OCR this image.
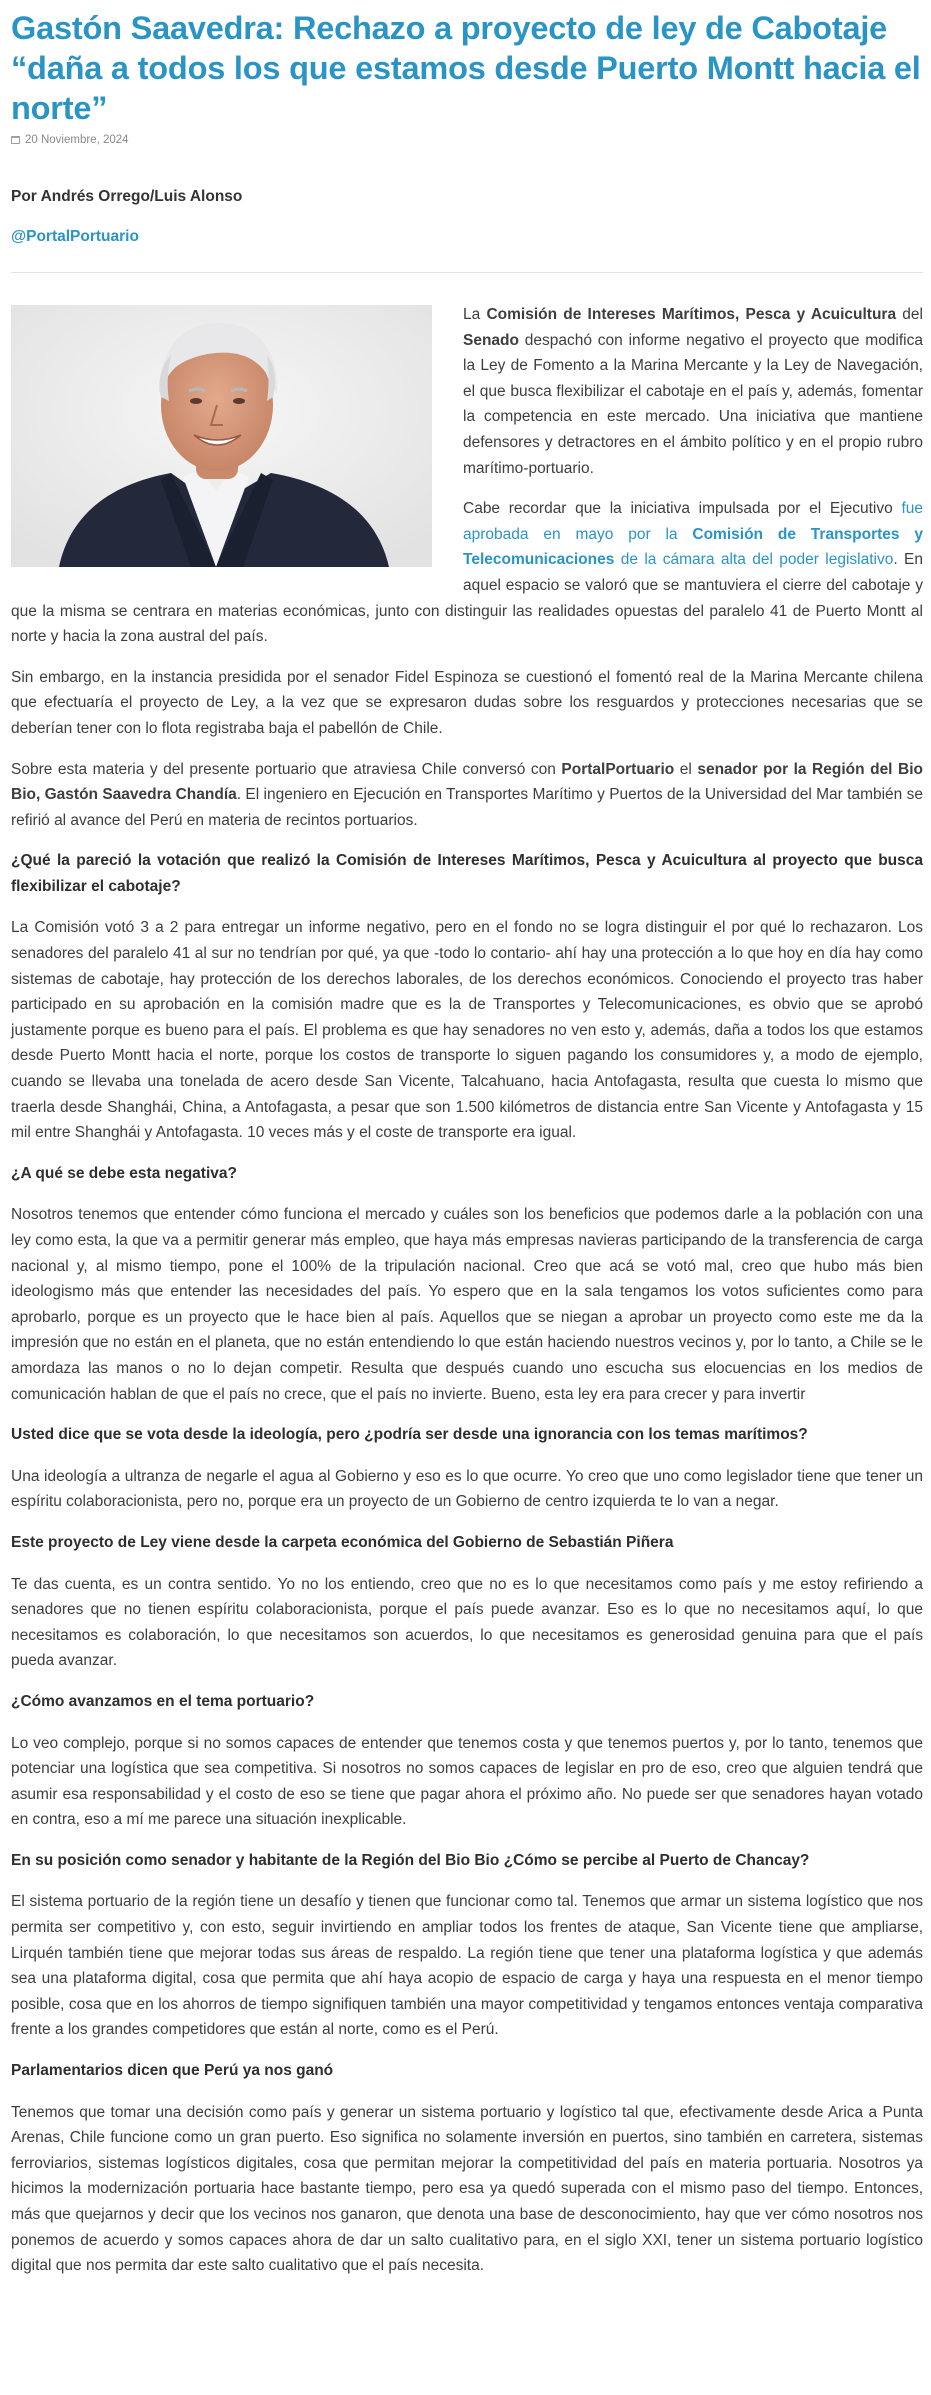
Gastón Saavedra: Rechazo a proyecto de ley de Cabotaje “daña a todos los que estamos desde Puerto Montt hacia el norte”
20 Noviembre, 2024
Por Andrés Orrego/Luis Alonso
@PortalPortuario

La Comisión de Intereses Marítimos, Pesca y Acuicultura del Senado despachó con informe negativo el proyecto que modifica la Ley de Fomento a la Marina Mercante y la Ley de Navegación, el que busca flexibilizar el cabotaje en el país y, además, fomentar la competencia en este mercado. Una iniciativa que mantiene defensores y detractores en el ámbito político y en el propio rubro marítimo-portuario.

Cabe recordar que la iniciativa impulsada por el Ejecutivo fue aprobada en mayo por la Comisión de Transportes y Telecomunicaciones de la cámara alta del poder legislativo. En aquel espacio se valoró que se mantuviera el cierre del cabotaje y que la misma se centrara en materias económicas, junto con distinguir las realidades opuestas del paralelo 41 de Puerto Montt al norte y hacia la zona austral del país.

Sin embargo, en la instancia presidida por el senador Fidel Espinoza se cuestionó el fomentó real de la Marina Mercante chilena que efectuaría el proyecto de Ley, a la vez que se expresaron dudas sobre los resguardos y protecciones necesarias que se deberían tener con lo flota registraba baja el pabellón de Chile.

Sobre esta materia y del presente portuario que atraviesa Chile conversó con PortalPortuario el senador por la Región del Bio Bio, Gastón Saavedra Chandía. El ingeniero en Ejecución en Transportes Marítimo y Puertos de la Universidad del Mar también se refirió al avance del Perú en materia de recintos portuarios.

¿Qué la pareció la votación que realizó la Comisión de Intereses Marítimos, Pesca y Acuicultura al proyecto que busca flexibilizar el cabotaje?

La Comisión votó 3 a 2 para entregar un informe negativo, pero en el fondo no se logra distinguir el por qué lo rechazaron. Los senadores del paralelo 41 al sur no tendrían por qué, ya que -todo lo contario- ahí hay una protección a lo que hoy en día hay como sistemas de cabotaje, hay protección de los derechos laborales, de los derechos económicos. Conociendo el proyecto tras haber participado en su aprobación en la comisión madre que es la de Transportes y Telecomunicaciones, es obvio que se aprobó justamente porque es bueno para el país. El problema es que hay senadores no ven esto y, además, daña a todos los que estamos desde Puerto Montt hacia el norte, porque los costos de transporte lo siguen pagando los consumidores y, a modo de ejemplo, cuando se llevaba una tonelada de acero desde San Vicente, Talcahuano, hacia Antofagasta, resulta que cuesta lo mismo que traerla desde Shanghái, China, a Antofagasta, a pesar que son 1.500 kilómetros de distancia entre San Vicente y Antofagasta y 15 mil entre Shanghái y Antofagasta. 10 veces más y el coste de transporte era igual.

¿A qué se debe esta negativa?

Nosotros tenemos que entender cómo funciona el mercado y cuáles son los beneficios que podemos darle a la población con una ley como esta, la que va a permitir generar más empleo, que haya más empresas navieras participando de la transferencia de carga nacional y, al mismo tiempo, pone el 100% de la tripulación nacional. Creo que acá se votó mal, creo que hubo más bien ideologismo más que entender las necesidades del país. Yo espero que en la sala tengamos los votos suficientes como para aprobarlo, porque es un proyecto que le hace bien al país. Aquellos que se niegan a aprobar un proyecto como este me da la impresión que no están en el planeta, que no están entendiendo lo que están haciendo nuestros vecinos y, por lo tanto, a Chile se le amordaza las manos o no lo dejan competir. Resulta que después cuando uno escucha sus elocuencias en los medios de comunicación hablan de que el país no crece, que el país no invierte. Bueno, esta ley era para crecer y para invertir

Usted dice que se vota desde la ideología, pero ¿podría ser desde una ignorancia con los temas marítimos?

Una ideología a ultranza de negarle el agua al Gobierno y eso es lo que ocurre. Yo creo que uno como legislador tiene que tener un espíritu colaboracionista, pero no, porque era un proyecto de un Gobierno de centro izquierda te lo van a negar.

Este proyecto de Ley viene desde la carpeta económica del Gobierno de Sebastián Piñera

Te das cuenta, es un contra sentido. Yo no los entiendo, creo que no es lo que necesitamos como país y me estoy refiriendo a senadores que no tienen espíritu colaboracionista, porque el país puede avanzar. Eso es lo que no necesitamos aquí, lo que necesitamos es colaboración, lo que necesitamos son acuerdos, lo que necesitamos es generosidad genuina para que el país pueda avanzar.

¿Cómo avanzamos en el tema portuario?

Lo veo complejo, porque si no somos capaces de entender que tenemos costa y que tenemos puertos y, por lo tanto, tenemos que potenciar una logística que sea competitiva. Si nosotros no somos capaces de legislar en pro de eso, creo que alguien tendrá que asumir esa responsabilidad y el costo de eso se tiene que pagar ahora el próximo año. No puede ser que senadores hayan votado en contra, eso a mí me parece una situación inexplicable.

En su posición como senador y habitante de la Región del Bio Bio ¿Cómo se percibe al Puerto de Chancay?

El sistema portuario de la región tiene un desafío y tienen que funcionar como tal. Tenemos que armar un sistema logístico que nos permita ser competitivo y, con esto, seguir invirtiendo en ampliar todos los frentes de ataque, San Vicente tiene que ampliarse, Lirquén también tiene que mejorar todas sus áreas de respaldo. La región tiene que tener una plataforma logística y que además sea una plataforma digital, cosa que permita que ahí haya acopio de espacio de carga y haya una respuesta en el menor tiempo posible, cosa que en los ahorros de tiempo signifiquen también una mayor competitividad y tengamos entonces ventaja comparativa frente a los grandes competidores que están al norte, como es el Perú.

Parlamentarios dicen que Perú ya nos ganó

Tenemos que tomar una decisión como país y generar un sistema portuario y logístico tal que, efectivamente desde Arica a Punta Arenas, Chile funcione como un gran puerto. Eso significa no solamente inversión en puertos, sino también en carretera, sistemas ferroviarios, sistemas logísticos digitales, cosa que permitan mejorar la competitividad del país en materia portuaria. Nosotros ya hicimos la modernización portuaria hace bastante tiempo, pero esa ya quedó superada con el mismo paso del tiempo. Entonces, más que quejarnos y decir que los vecinos nos ganaron, que denota una base de desconocimiento, hay que ver cómo nosotros nos ponemos de acuerdo y somos capaces ahora de dar un salto cualitativo para, en el siglo XXI, tener un sistema portuario logístico digital que nos permita dar este salto cualitativo que el país necesita.
